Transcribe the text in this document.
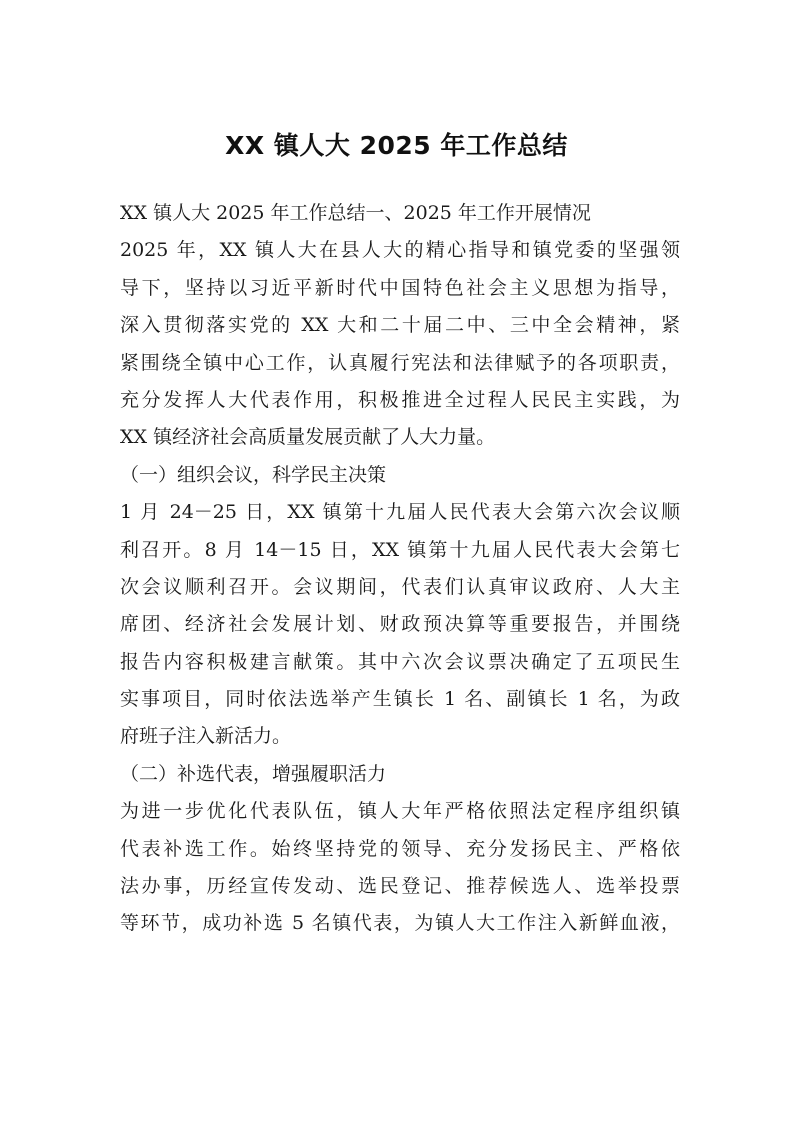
XX 镇人大 2025 年工作总结
XX 镇人大 2025 年工作总结一、2025 年工作开展情况
2025 年，XX 镇人大在县人大的精心指导和镇党委的坚强领
导下，坚持以习近平新时代中国特色社会主义思想为指导，
深入贯彻落实党的 XX 大和二十届二中、三中全会精神，紧
紧围绕全镇中心工作，认真履行宪法和法律赋予的各项职责，
充分发挥人大代表作用，积极推进全过程人民民主实践，为
XX 镇经济社会高质量发展贡献了人大力量。
（一）组织会议，科学民主决策
1 月 24－25 日，XX 镇第十九届人民代表大会第六次会议顺
利召开。8 月 14－15 日，XX 镇第十九届人民代表大会第七
次会议顺利召开。会议期间，代表们认真审议政府、人大主
席团、经济社会发展计划、财政预决算等重要报告，并围绕
报告内容积极建言献策。其中六次会议票决确定了五项民生
实事项目，同时依法选举产生镇长 1 名、副镇长 1 名，为政
府班子注入新活力。
（二）补选代表，增强履职活力
为进一步优化代表队伍，镇人大年严格依照法定程序组织镇
代表补选工作。始终坚持党的领导、充分发扬民主、严格依
法办事，历经宣传发动、选民登记、推荐候选人、选举投票
等环节，成功补选 5 名镇代表，为镇人大工作注入新鲜血液，
